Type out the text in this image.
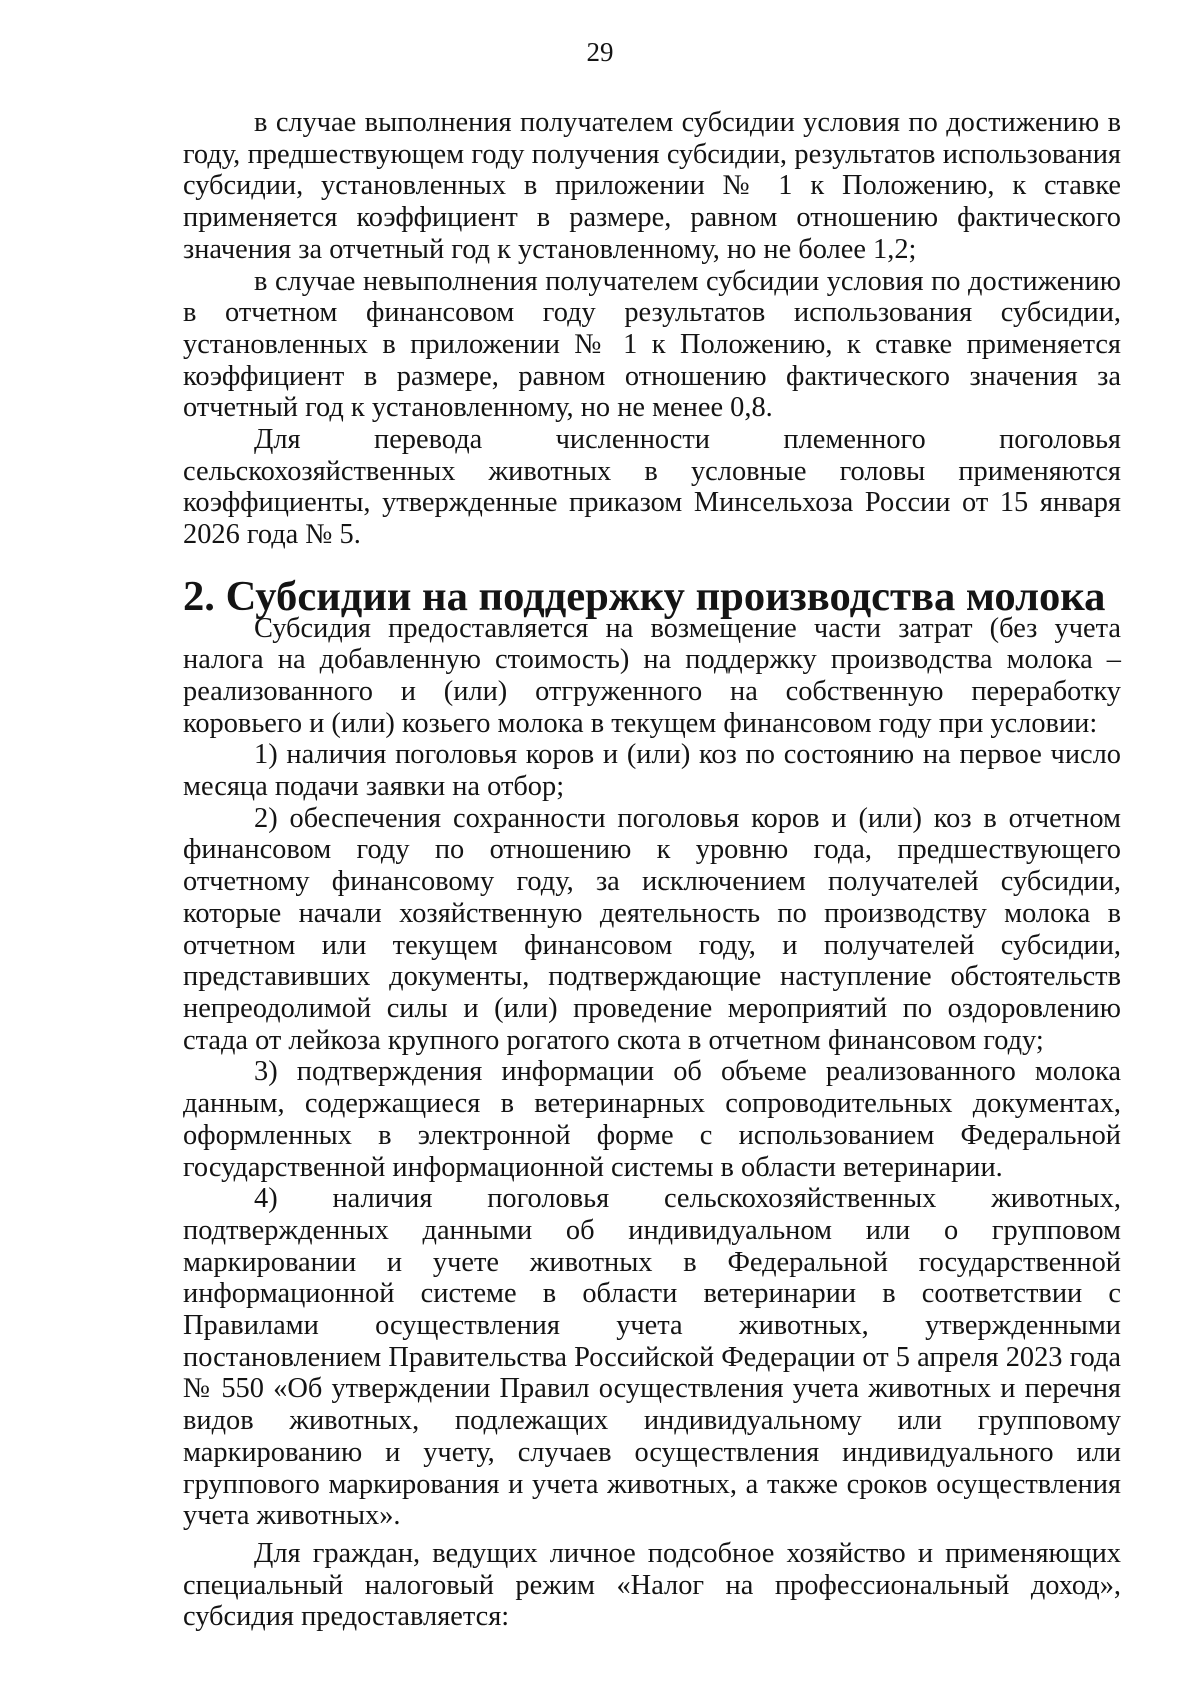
29

в случае выполнения получателем субсидии условия по достижению в году, предшествующем году получения субсидии, результатов использования субсидии, установленных в приложении № 1 к Положению, к ставке применяется коэффициент в размере, равном отношению фактического значения за отчетный год к установленному, но не более 1,2;

в случае невыполнения получателем субсидии условия по достижению в отчетном финансовом году результатов использования субсидии, установленных в приложении № 1 к Положению, к ставке применяется коэффициент в размере, равном отношению фактического значения за отчетный год к установленному, но не менее 0,8.

Для перевода численности племенного поголовья сельскохозяйственных животных в условные головы применяются коэффициенты, утвержденные приказом Минсельхоза России от 15 января 2026 года № 5.

2. Субсидии на поддержку производства молока

Субсидия предоставляется на возмещение части затрат (без учета налога на добавленную стоимость) на поддержку производства молока – реализованного и (или) отгруженного на собственную переработку коровьего и (или) козьего молока в текущем финансовом году при условии:

1) наличия поголовья коров и (или) коз по состоянию на первое число месяца подачи заявки на отбор;

2) обеспечения сохранности поголовья коров и (или) коз в отчетном финансовом году по отношению к уровню года, предшествующего отчетному финансовому году, за исключением получателей субсидии, которые начали хозяйственную деятельность по производству молока в отчетном или текущем финансовом году, и получателей субсидии, представивших документы, подтверждающие наступление обстоятельств непреодолимой силы и (или) проведение мероприятий по оздоровлению стада от лейкоза крупного рогатого скота в отчетном финансовом году;

3) подтверждения информации об объеме реализованного молока данным, содержащиеся в ветеринарных сопроводительных документах, оформленных в электронной форме с использованием Федеральной государственной информационной системы в области ветеринарии.

4) наличия поголовья сельскохозяйственных животных, подтвержденных данными об индивидуальном или о групповом маркировании и учете животных в Федеральной государственной информационной системе в области ветеринарии в соответствии с Правилами осуществления учета животных, утвержденными постановлением Правительства Российской Федерации от 5 апреля 2023 года № 550 «Об утверждении Правил осуществления учета животных и перечня видов животных, подлежащих индивидуальному или групповому маркированию и учету, случаев осуществления индивидуального или группового маркирования и учета животных, а также сроков осуществления учета животных».

Для граждан, ведущих личное подсобное хозяйство и применяющих специальный налоговый режим «Налог на профессиональный доход», субсидия предоставляется:
